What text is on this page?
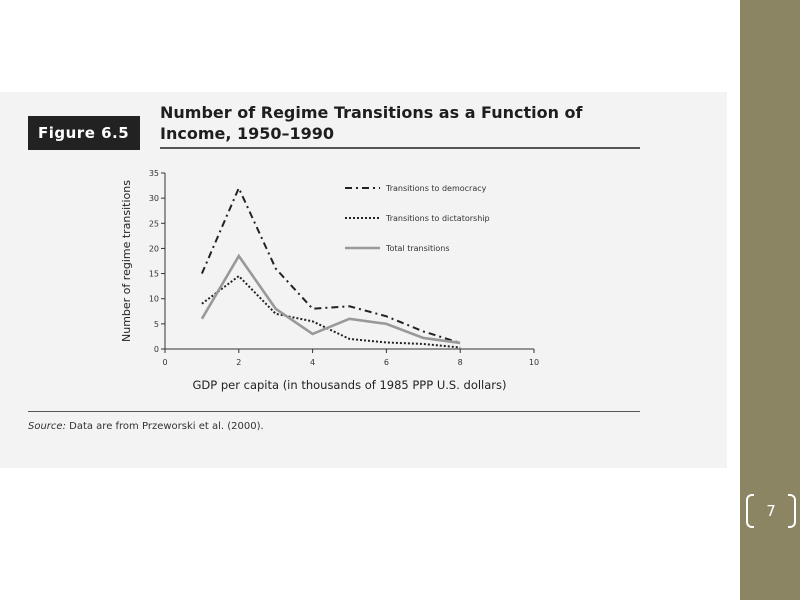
Figure 6.5
Number of Regime Transitions as a Function of
Income, 1950–1990
0	2	4	6	8	10
0
5
10
15
20
25
30
35
GDP per capita (in thousands of 1985 PPP U.S. dollars)
Number of regime transitions	Transitions to democracy
Transitions to dictatorship
Total transitions
Source: Data are from Przeworski et al. (2000).
7
